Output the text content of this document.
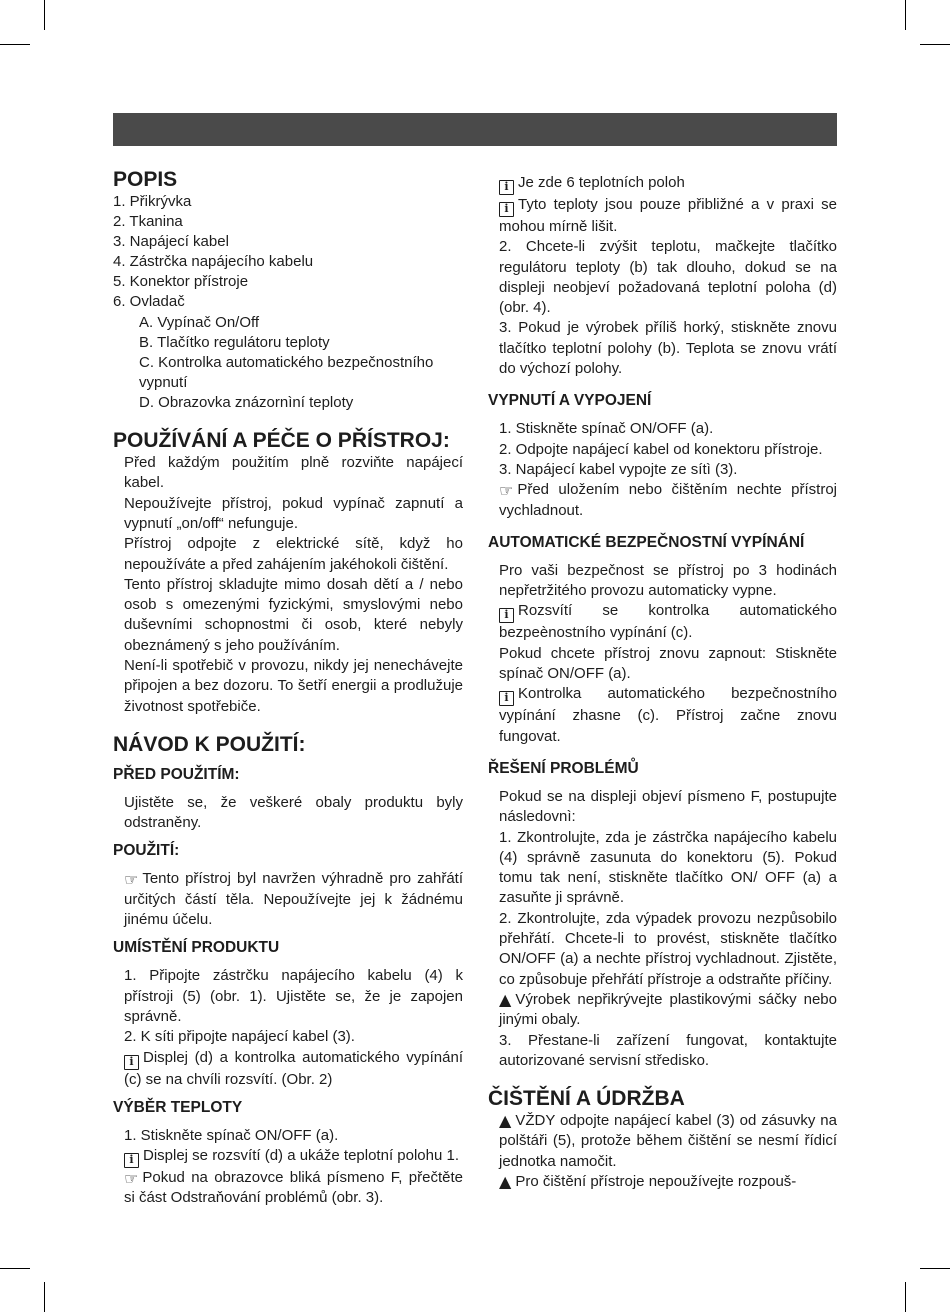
POPIS
1. Přikrývka
2. Tkanina
3. Napájecí kabel
4. Zástrčka napájecího kabelu
5. Konektor přístroje
6. Ovladač
A. Vypínač On/Off
B. Tlačítko regulátoru teploty
C. Kontrolka automatického bezpečnostního
vypnutí
D. Obrazovka znázornìní teploty
POUŽÍVÁNÍ A PÉČE O PŘÍSTROJ:

Před každým použitím plně rozviňte napájecí kabel.

Nepoužívejte přístroj, pokud vypínač zapnutí a vypnutí „on/off“ nefunguje.

Přístroj odpojte z elektrické sítě, když ho nepoužíváte a před zahájením jakéhokoli čištění.

Tento přístroj skladujte mimo dosah dětí a / nebo osob s omezenými fyzickými, smyslovými nebo duševními schopnostmi či osob, které nebyly obeznámený s jeho používáním.

Není-li spotřebič v provozu, nikdy jej nenechávejte připojen a bez dozoru. To šetří energii a prodlužuje životnost spotřebiče.

NÁVOD K POUŽITÍ:
PŘED POUŽITÍM:

Ujistěte se, že veškeré obaly produktu byly odstraněny.

POUŽITÍ:

☞ Tento přístroj byl navržen výhradně pro zahřátí určitých částí těla. Nepoužívejte jej k žádnému jinému účelu.

UMÍSTĚNÍ PRODUKTU

1. Připojte zástrčku napájecího kabelu (4) k přístroji (5) (obr. 1). Ujistěte se, že je zapojen správně.

2. K síti připojte napájecí kabel (3).

i Displej (d) a kontrolka automatického vypínání (c) se na chvíli rozsvítí. (Obr. 2)

VÝBĚR TEPLOTY

1. Stiskněte spínač ON/OFF (a).

i Displej se rozsvítí (d) a ukáže teplotní polohu 1.

☞ Pokud na obrazovce bliká písmeno F, přečtěte si část Odstraňování problémů (obr. 3).

i Je zde 6 teplotních poloh

i Tyto teploty jsou pouze přibližné a v praxi se mohou mírně lišit.

2. Chcete-li zvýšit teplotu, mačkejte tlačítko regulátoru teploty (b) tak dlouho, dokud se na displeji neobjeví požadovaná teplotní poloha (d) (obr. 4).

3. Pokud je výrobek příliš horký, stiskněte znovu tlačítko teplotní polohy (b). Teplota se znovu vrátí do výchozí polohy.

VYPNUTÍ A VYPOJENÍ

1. Stiskněte spínač ON/OFF (a).

2. Odpojte napájecí kabel od konektoru přístroje.

3. Napájecí kabel vypojte ze sítì (3).

☞ Před uložením nebo čištěním nechte přístroj vychladnout.

AUTOMATICKÉ BEZPEČNOSTNÍ VYPÍNÁNÍ

Pro vaši bezpečnost se přístroj po 3 hodinách nepřetržitého provozu automaticky vypne.

i Rozsvítí se kontrolka automatického bezpeènostního vypínání (c).

Pokud chcete přístroj znovu zapnout: Stiskněte spínač ON/OFF (a).

i Kontrolka automatického bezpečnostního vypínání zhasne (c). Přístroj začne znovu fungovat.

ŘEŠENÍ PROBLÉMŮ

Pokud se na displeji objeví písmeno F, postupujte následovnì:

1. Zkontrolujte, zda je zástrčka napájecího kabelu (4) správně zasunuta do konektoru (5). Pokud tomu tak není, stiskněte tlačítko ON/ OFF (a) a zasuňte ji správně.

2. Zkontrolujte, zda výpadek provozu nezpůsobilo přehřátí. Chcete-li to provést, stiskněte tlačítko ON/OFF (a) a nechte přístroj vychladnout. Zjistěte, co způsobuje přehřátí přístroje a odstraňte příčiny.

▲ Výrobek nepřikrývejte plastikovými sáčky nebo jinými obaly.

3. Přestane-li zařízení fungovat, kontaktujte autorizované servisní středisko.

ČIŠTĚNÍ A ÚDRŽBA

▲ VŽDY odpojte napájecí kabel (3) od zásuvky na polštáři (5), protože během čištění se nesmí řídicí jednotka namočit.

▲ Pro čištění přístroje nepoužívejte rozpouš-
